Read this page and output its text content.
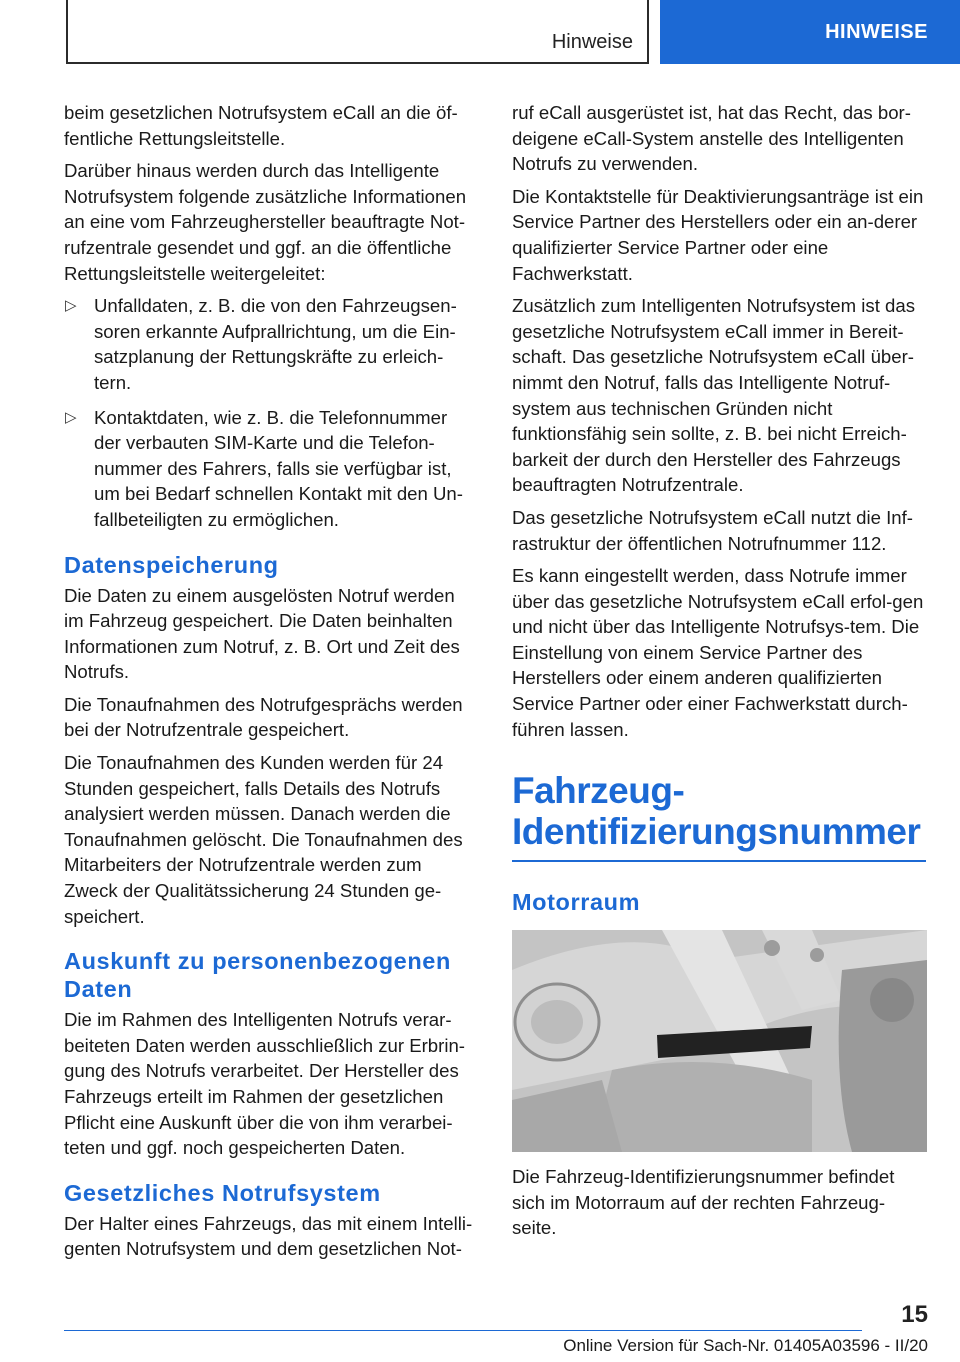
Hinweise	HINWEISE

beim gesetzlichen Notrufsystem eCall an die öf‐fentliche Rettungsleitstelle.

Darüber hinaus werden durch das Intelligente Notrufsystem folgende zusätzliche Informationen an eine vom Fahrzeughersteller beauftragte Not‐rufzentrale gesendet und ggf. an die öffentliche Rettungsleitstelle weitergeleitet:

▷ Unfalldaten, z. B. die von den Fahrzeugsen‐soren erkannte Aufprallrichtung, um die Ein‐satzplanung der Rettungskräfte zu erleich‐tern.
▷ Kontaktdaten, wie z. B. die Telefonnummer der verbauten SIM-Karte und die Telefon‐nummer des Fahrers, falls sie verfügbar ist, um bei Bedarf schnellen Kontakt mit den Un‐fallbeteiligten zu ermöglichen.
Datenspeicherung

Die Daten zu einem ausgelösten Notruf werden im Fahrzeug gespeichert. Die Daten beinhalten Informationen zum Notruf, z. B. Ort und Zeit des Notrufs.

Die Tonaufnahmen des Notrufgesprächs werden bei der Notrufzentrale gespeichert.

Die Tonaufnahmen des Kunden werden für 24 Stunden gespeichert, falls Details des Notrufs analysiert werden müssen. Danach werden die Tonaufnahmen gelöscht. Die Tonaufnahmen des Mitarbeiters der Notrufzentrale werden zum Zweck der Qualitätssicherung 24 Stunden ge‐speichert.

Auskunft zu personenbezogenen Daten

Die im Rahmen des Intelligenten Notrufs verar‐beiteten Daten werden ausschließlich zur Erbrin‐gung des Notrufs verarbeitet. Der Hersteller des Fahrzeugs erteilt im Rahmen der gesetzlichen Pflicht eine Auskunft über die von ihm verarbei‐teten und ggf. noch gespeicherten Daten.

Gesetzliches Notrufsystem

Der Halter eines Fahrzeugs, das mit einem Intelli‐genten Notrufsystem und dem gesetzlichen Not‐

ruf eCall ausgerüstet ist, hat das Recht, das bor‐deigene eCall-System anstelle des Intelligenten Notrufs zu verwenden.

Die Kontaktstelle für Deaktivierungsanträge ist ein Service Partner des Herstellers oder ein an‐derer qualifizierter Service Partner oder eine Fachwerkstatt.

Zusätzlich zum Intelligenten Notrufsystem ist das gesetzliche Notrufsystem eCall immer in Bereit‐schaft. Das gesetzliche Notrufsystem eCall über‐nimmt den Notruf, falls das Intelligente Notruf‐system aus technischen Gründen nicht funktionsfähig sein sollte, z. B. bei nicht Erreich‐barkeit der durch den Hersteller des Fahrzeugs beauftragten Notrufzentrale.

Das gesetzliche Notrufsystem eCall nutzt die Inf‐rastruktur der öffentlichen Notrufnummer 112.

Es kann eingestellt werden, dass Notrufe immer über das gesetzliche Notrufsystem eCall erfol‐gen und nicht über das Intelligente Notrufsys‐tem. Die Einstellung von einem Service Partner des Herstellers oder einem anderen qualifizierten Service Partner oder einer Fachwerkstatt durch‐führen lassen.

Fahrzeug-Identifizierungsnummer
Motorraum

Die Fahrzeug-Identifizierungsnummer befindet sich im Motorraum auf der rechten Fahrzeug‐seite.

15
Online Version für Sach-Nr. 01405A03596 - II/20
